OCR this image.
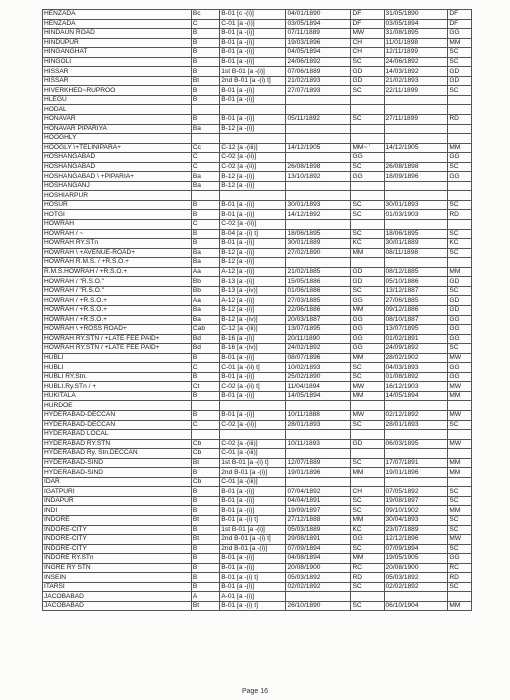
HENZADA	Bc	B-01 [c -(i)]	04/01/1890	DF	31/05/1890	DF
HENZADA	C	C-01 [a -(i)]	03/05/1894	DF	03/05/1894	DF
HINDAUN ROAD	B	B-01 [a -(i)]	07/11/1889	MW	31/08/1895	GG
HINDUPUR	B	B-01 [a -(i)]	19/03/1896	CH	11/01/1898	MM
HINGANGHAT	B	B-01 [a -(i)]	04/05/1894	CH	12/11/1899	SC
HINGOLI	B	B-01 [a -(i)]	24/06/1892	SC	24/06/1892	SC
HISSAR	B	1st B-01 [a -(i)]	07/06/1889	GD	14/03/1892	GD
HISSAR	Bt	2nd B-01 [a -(i) t]	21/02/1893	GD	21/02/1893	GD
HIVERKHED~RUPROO	B	B-01 [a -(i)]	27/07/1893	SC	22/11/1899	SC
HLEGU	B	B-01 [a -(i)]				
HODAL						
HONAVAR	B	B-01 [a -(i)]	05/11/1892	SC	27/11/1899	RD
HONAVAR PIPARIYA	Ba	B-12 [a -(i)]				
HOOGHLY						
HOOGLY \+TELINIPARA+	Cc	C-12 [a -(iii)]	14/12/1905	MM~ '	14/12/1905	MM
HOSHANGABAD	C	C-02 [a -(ii)]		GG		GG
HOSHANGABAD	C	C-02 [a -(ii)]	26/08/1898	SC	26/08/1898	SC
HOSHANGABAD \ +PIPARIA+	Ba	B-12 [a -(i)]	13/10/1892	GG	18/09/1896	GG
HOSHANGANJ	Ba	B-12 [a -(i)]				
HOSHIARPUR						
HOSUR	B	B-01 [a -(i)]	30/01/1893	SC	30/01/1893	SC
HOTGI	B	B-01 [a -(i)]	14/12/1892	SC	01/03/1903	RD
HOWRAH	C	C-02 [a -(ii)]				
HOWRAH / ~	B	B-04 [a -(i) t]	18/06/1895	SC	18/06/1895	SC
HOWRAH RY.STn	B	B-01 [a -(i)]	30/01/1889	KC	30/01/1889	KC
HOWRAH \ +AVENUE-ROAD+	Ba	B-12 [a -(i)]	27/02/1890	MM	08/11/1898	SC
HOWRAH R.M.S. / +R.S.O.+	Ba	B-12 [a -(i)]				
R.M.S.HOWRAH / +R.S.O.+	Aa	A-12 [a -(i)]	21/02/1885	GD	08/12/1885	MM
HOWRAH / "R.S.O."	Bb	B-13 [a -(i)]	15/05/1886	GD	05/10/1886	GD
HOWRAH / "R.S.O."	Bb	B-13 [a -(iv)]	01/06/1886	SC	13/12/1887	SC
HOWRAH / +R.S.O.+	Aa	A-12 [a -(i)]	27/03/1885	GG	27/06/1885	GD
HOWRAH / +R.S.O.+	Ba	B-12 [a -(i)]	22/06/1886	MM	09/12/1886	GD
HOWRAH / +R.S.O.+	Ba	B-12 [a -(iv)]	20/03/1887	GG	08/10/1887	GG
HOWRAH \ +ROSS ROAD+	Cab	C-12 [a -(iii)]	13/07/1895	GG	13/07/1895	GG
HOWRAH RY.STN / +LATE FEE PAID+	Bd	B-16 [a -(i)]	20/11/1890	GG	01/02/1891	GG
HOWRAH RY.STN / +LATE FEE PAID+	Bd	B-16 [a -(iv)]	24/02/1892	GG	24/09/1892	SC
HUBLI	B	B-01 [a -(i)]	08/07/1896	MM	28/02/1902	MW
HUBLI	C	C-01 [a -(ii) t]	10/02/1893	SC	04/03/1893	GG
HUBLI RY.Stn.	B	B-01 [a -(i)]	25/02/1890	SC	01/08/1892	GG
HUBLI.Ry.STn / +	Ct	C-02 [a -(ii) t]	11/04/1894	MW	16/12/1903	MW
HUKITALA	B	B-01 [a -(i)]	14/05/1894	MM	14/05/1894	MM
HURDOE						
HYDERABAD-DECCAN	B	B-01 [a -(i)]	10/11/1888	MW	02/12/1892	MW
HYDERABAD-DECCAN	C	C-02 [a -(ii)]	28/01/1893	SC	28/01/1893	SC
HYDERABAD LOCAL						
HYDERABAD RY.STN	Cb	C-02 [a -(iii)]	10/11/1893	GD	06/03/1895	MW
HYDERABAD Ry. Stn.DECCAN	Cb	C-01 [a -(iii)]				
HYDERABAD-SIND	Bt	1st B-01 [a -(i) t]	12/07/1889	SC	17/07/1891	MM
HYDERABAD-SIND	B	2nd B-01 [a -(i)]	19/01/1896	MM	19/01/1896	MM
IDAR	Cb	C-01 [a -(iii)]				
IGATPURI	B	B-01 [a -(i)]	07/04/1892	CH	07/05/1892	SC
INDAPUR	B	B-01 [a -(i)]	04/04/1891	SC	19/08/1897	SC
INDI	B	B-01 [a -(i)]	19/09/1897	SC	09/10/1902	MM
INDORE	Bt	B-01 [a -(i) t]	27/12/1888	MM	30/04/1893	SC
INDORE-CITY	B	1st B-01 [a -(i)]	05/03/1889	KC	23/07/1889	SC
INDORE-CITY	Bt	2nd B-01 [a -(i) t]	29/08/1891	GG	12/12/1896	MW
INDORE-CITY	B	2nd B-01 [a -(i)]	07/09/1894	SC	07/09/1894	SC
INDORE RY.STn	B	B-01 [a -(i)]	04/08/1894	MM	19/05/1905	GG
INGRE RY STN	B	B-01 [a -(i)]	20/08/1900	RC	20/08/1900	RC
INSEIN	B	B-01 [a -(i) t]	05/03/1892	RD	05/03/1892	RD
ITARSI	B	B-01 [a -(i)]	02/02/1892	SC	02/02/1892	SC
JACOBABAD	A	A-01 [a -(i)]				
JACOBABAD	Bt	B-01 [a -(i) t]	26/10/1890	SC	06/10/1904	MM
Page 16
